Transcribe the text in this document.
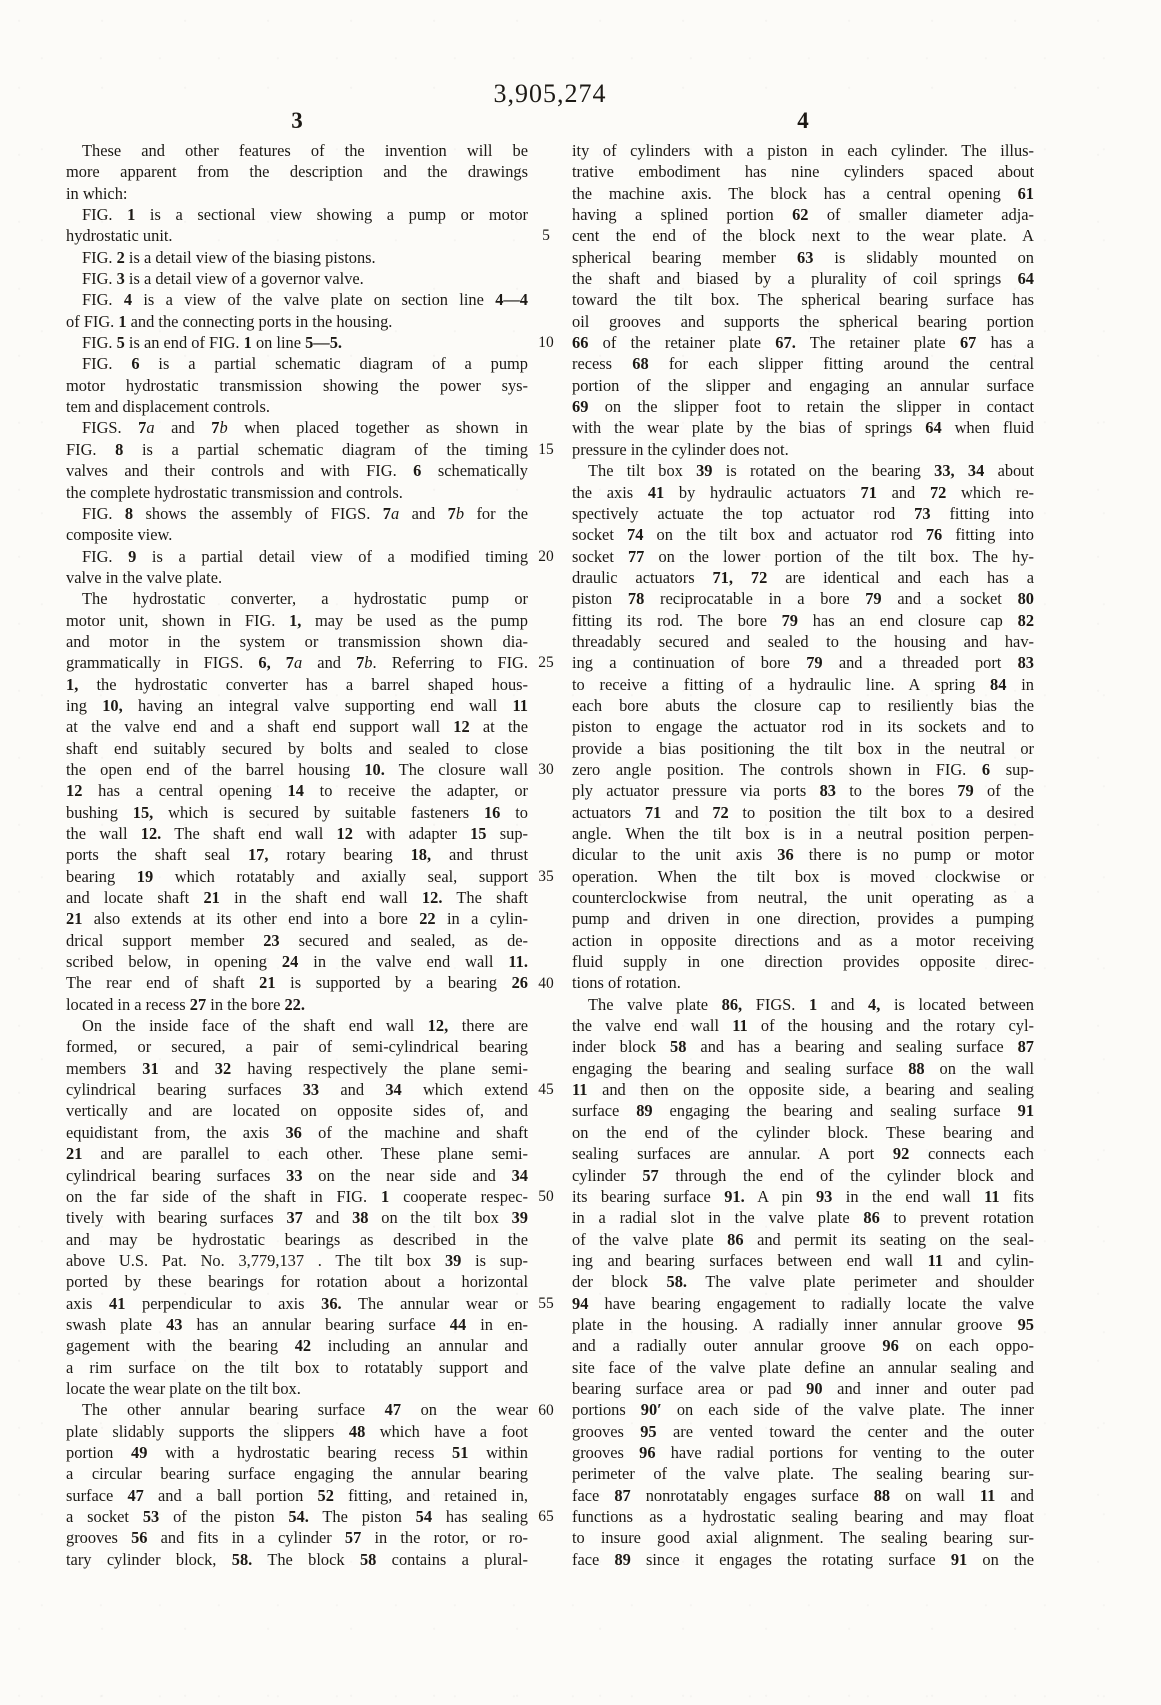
3,905,274
3	4
These and other features of the invention will be
more apparent from the description and the drawings
in which:
FIG. 1 is a sectional view showing a pump or motor
hydrostatic unit.
FIG. 2 is a detail view of the biasing pistons.
FIG. 3 is a detail view of a governor valve.
FIG. 4 is a view of the valve plate on section line 4—4
of FIG. 1 and the connecting ports in the housing.
FIG. 5 is an end of FIG. 1 on line 5—5.
FIG. 6 is a partial schematic diagram of a pump
motor hydrostatic transmission showing the power sys-
tem and displacement controls.
FIGS. 7a and 7b when placed together as shown in
FIG. 8 is a partial schematic diagram of the timing
valves and their controls and with FIG. 6 schematically
the complete hydrostatic transmission and controls.
FIG. 8 shows the assembly of FIGS. 7a and 7b for the
composite view.
FIG. 9 is a partial detail view of a modified timing
valve in the valve plate.
The hydrostatic converter, a hydrostatic pump or
motor unit, shown in FIG. 1, may be used as the pump
and motor in the system or transmission shown dia-
grammatically in FIGS. 6, 7a and 7b. Referring to FIG.
1, the hydrostatic converter has a barrel shaped hous-
ing 10, having an integral valve supporting end wall 11
at the valve end and a shaft end support wall 12 at the
shaft end suitably secured by bolts and sealed to close
the open end of the barrel housing 10. The closure wall
12 has a central opening 14 to receive the adapter, or
bushing 15, which is secured by suitable fasteners 16 to
the wall 12. The shaft end wall 12 with adapter 15 sup-
ports the shaft seal 17, rotary bearing 18, and thrust
bearing 19 which rotatably and axially seal, support
and locate shaft 21 in the shaft end wall 12. The shaft
21 also extends at its other end into a bore 22 in a cylin-
drical support member 23 secured and sealed, as de-
scribed below, in opening 24 in the valve end wall 11.
The rear end of shaft 21 is supported by a bearing 26
located in a recess 27 in the bore 22.
On the inside face of the shaft end wall 12, there are
formed, or secured, a pair of semi-cylindrical bearing
members 31 and 32 having respectively the plane semi-
cylindrical bearing surfaces 33 and 34 which extend
vertically and are located on opposite sides of, and
equidistant from, the axis 36 of the machine and shaft
21 and are parallel to each other. These plane semi-
cylindrical bearing surfaces 33 on the near side and 34
on the far side of the shaft in FIG. 1 cooperate respec-
tively with bearing surfaces 37 and 38 on the tilt box 39
and may be hydrostatic bearings as described in the
above U.S. Pat. No. 3,779,137 . The tilt box 39 is sup-
ported by these bearings for rotation about a horizontal
axis 41 perpendicular to axis 36. The annular wear or
swash plate 43 has an annular bearing surface 44 in en-
gagement with the bearing 42 including an annular and
a rim surface on the tilt box to rotatably support and
locate the wear plate on the tilt box.
The other annular bearing surface 47 on the wear
plate slidably supports the slippers 48 which have a foot
portion 49 with a hydrostatic bearing recess 51 within
a circular bearing surface engaging the annular bearing
surface 47 and a ball portion 52 fitting, and retained in,
a socket 53 of the piston 54. The piston 54 has sealing
grooves 56 and fits in a cylinder 57 in the rotor, or ro-
tary cylinder block, 58. The block 58 contains a plural-
5
10
15
20
25
30
35
40
45
50
55
60
65
ity of cylinders with a piston in each cylinder. The illus-
trative embodiment has nine cylinders spaced about
the machine axis. The block has a central opening 61
having a splined portion 62 of smaller diameter adja-
cent the end of the block next to the wear plate. A
spherical bearing member 63 is slidably mounted on
the shaft and biased by a plurality of coil springs 64
toward the tilt box. The spherical bearing surface has
oil grooves and supports the spherical bearing portion
66 of the retainer plate 67. The retainer plate 67 has a
recess 68 for each slipper fitting around the central
portion of the slipper and engaging an annular surface
69 on the slipper foot to retain the slipper in contact
with the wear plate by the bias of springs 64 when fluid
pressure in the cylinder does not.
The tilt box 39 is rotated on the bearing 33, 34 about
the axis 41 by hydraulic actuators 71 and 72 which re-
spectively actuate the top actuator rod 73 fitting into
socket 74 on the tilt box and actuator rod 76 fitting into
socket 77 on the lower portion of the tilt box. The hy-
draulic actuators 71, 72 are identical and each has a
piston 78 reciprocatable in a bore 79 and a socket 80
fitting its rod. The bore 79 has an end closure cap 82
threadably secured and sealed to the housing and hav-
ing a continuation of bore 79 and a threaded port 83
to receive a fitting of a hydraulic line. A spring 84 in
each bore abuts the closure cap to resiliently bias the
piston to engage the actuator rod in its sockets and to
provide a bias positioning the tilt box in the neutral or
zero angle position. The controls shown in FIG. 6 sup-
ply actuator pressure via ports 83 to the bores 79 of the
actuators 71 and 72 to position the tilt box to a desired
angle. When the tilt box is in a neutral position perpen-
dicular to the unit axis 36 there is no pump or motor
operation. When the tilt box is moved clockwise or
counterclockwise from neutral, the unit operating as a
pump and driven in one direction, provides a pumping
action in opposite directions and as a motor receiving
fluid supply in one direction provides opposite direc-
tions of rotation.
The valve plate 86, FIGS. 1 and 4, is located between
the valve end wall 11 of the housing and the rotary cyl-
inder block 58 and has a bearing and sealing surface 87
engaging the bearing and sealing surface 88 on the wall
11 and then on the opposite side, a bearing and sealing
surface 89 engaging the bearing and sealing surface 91
on the end of the cylinder block. These bearing and
sealing surfaces are annular. A port 92 connects each
cylinder 57 through the end of the cylinder block and
its bearing surface 91. A pin 93 in the end wall 11 fits
in a radial slot in the valve plate 86 to prevent rotation
of the valve plate 86 and permit its seating on the seal-
ing and bearing surfaces between end wall 11 and cylin-
der block 58. The valve plate perimeter and shoulder
94 have bearing engagement to radially locate the valve
plate in the housing. A radially inner annular groove 95
and a radially outer annular groove 96 on each oppo-
site face of the valve plate define an annular sealing and
bearing surface area or pad 90 and inner and outer pad
portions 90′ on each side of the valve plate. The inner
grooves 95 are vented toward the center and the outer
grooves 96 have radial portions for venting to the outer
perimeter of the valve plate. The sealing bearing sur-
face 87 nonrotatably engages surface 88 on wall 11 and
functions as a hydrostatic sealing bearing and may float
to insure good axial alignment. The sealing bearing sur-
face 89 since it engages the rotating surface 91 on the
